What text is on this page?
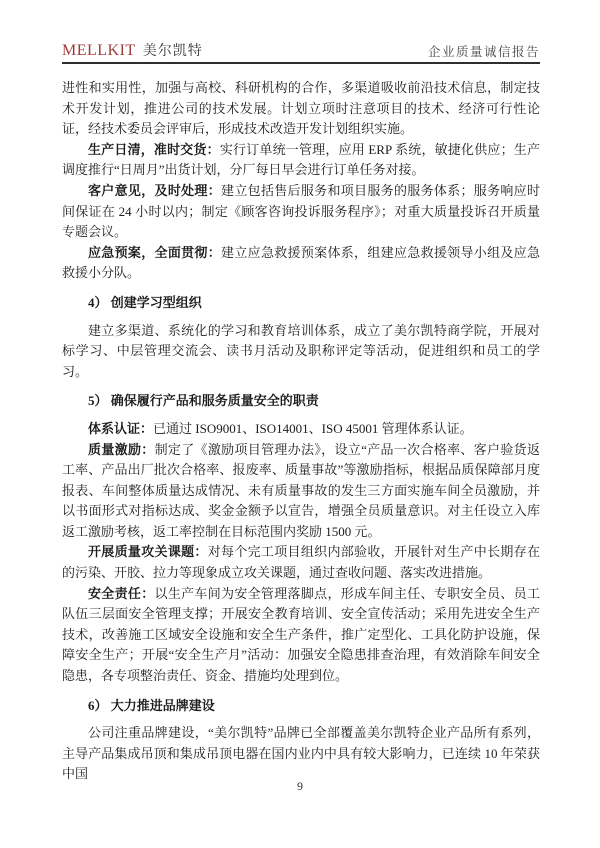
MELLKIT 美尔凯特	企业质量诚信报告

进性和实用性，加强与高校、科研机构的合作，多渠道吸收前沿技术信息，制定技术开发计划，推进公司的技术发展。计划立项时注意项目的技术、经济可行性论证，经技术委员会评审后，形成技术改造开发计划组织实施。

生产日清，准时交货：实行订单统一管理，应用 ERP 系统，敏捷化供应；生产调度推行“日周月”出货计划，分厂每日早会进行订单任务对接。

客户意见，及时处理：建立包括售后服务和项目服务的服务体系；服务响应时间保证在 24 小时以内；制定《顾客咨询投诉服务程序》；对重大质量投诉召开质量专题会议。

应急预案，全面贯彻：建立应急救援预案体系，组建应急救援领导小组及应急救援小分队。

4） 创建学习型组织

建立多渠道、系统化的学习和教育培训体系，成立了美尔凯特商学院，开展对标学习、中层管理交流会、读书月活动及职称评定等活动，促进组织和员工的学习。

5） 确保履行产品和服务质量安全的职责

体系认证：已通过 ISO9001、ISO14001、ISO 45001 管理体系认证。

质量激励：制定了《激励项目管理办法》，设立“产品一次合格率、客户验货返工率、产品出厂批次合格率、报废率、质量事故”等激励指标，根据品质保障部月度报表、车间整体质量达成情况、未有质量事故的发生三方面实施车间全员激励，并以书面形式对指标达成、奖金金额予以宣告，增强全员质量意识。对主任设立入库返工激励考核，返工率控制在目标范围内奖励 1500 元。

开展质量攻关课题：对每个完工项目组织内部验收，开展针对生产中长期存在的污染、开胶、拉力等现象成立攻关课题，通过查收问题、落实改进措施。

安全责任：以生产车间为安全管理落脚点，形成车间主任、专职安全员、员工队伍三层面安全管理支撑；开展安全教育培训、安全宣传活动；采用先进安全生产技术，改善施工区域安全设施和安全生产条件，推广定型化、工具化防护设施，保障安全生产；开展“安全生产月”活动：加强安全隐患排查治理，有效消除车间安全隐患，各专项整治责任、资金、措施均处理到位。

6） 大力推进品牌建设

公司注重品牌建设，“美尔凯特”品牌已全部覆盖美尔凯特企业产品所有系列，主导产品集成吊顶和集成吊顶电器在国内业内中具有较大影响力，已连续 10 年荣获中国

9
